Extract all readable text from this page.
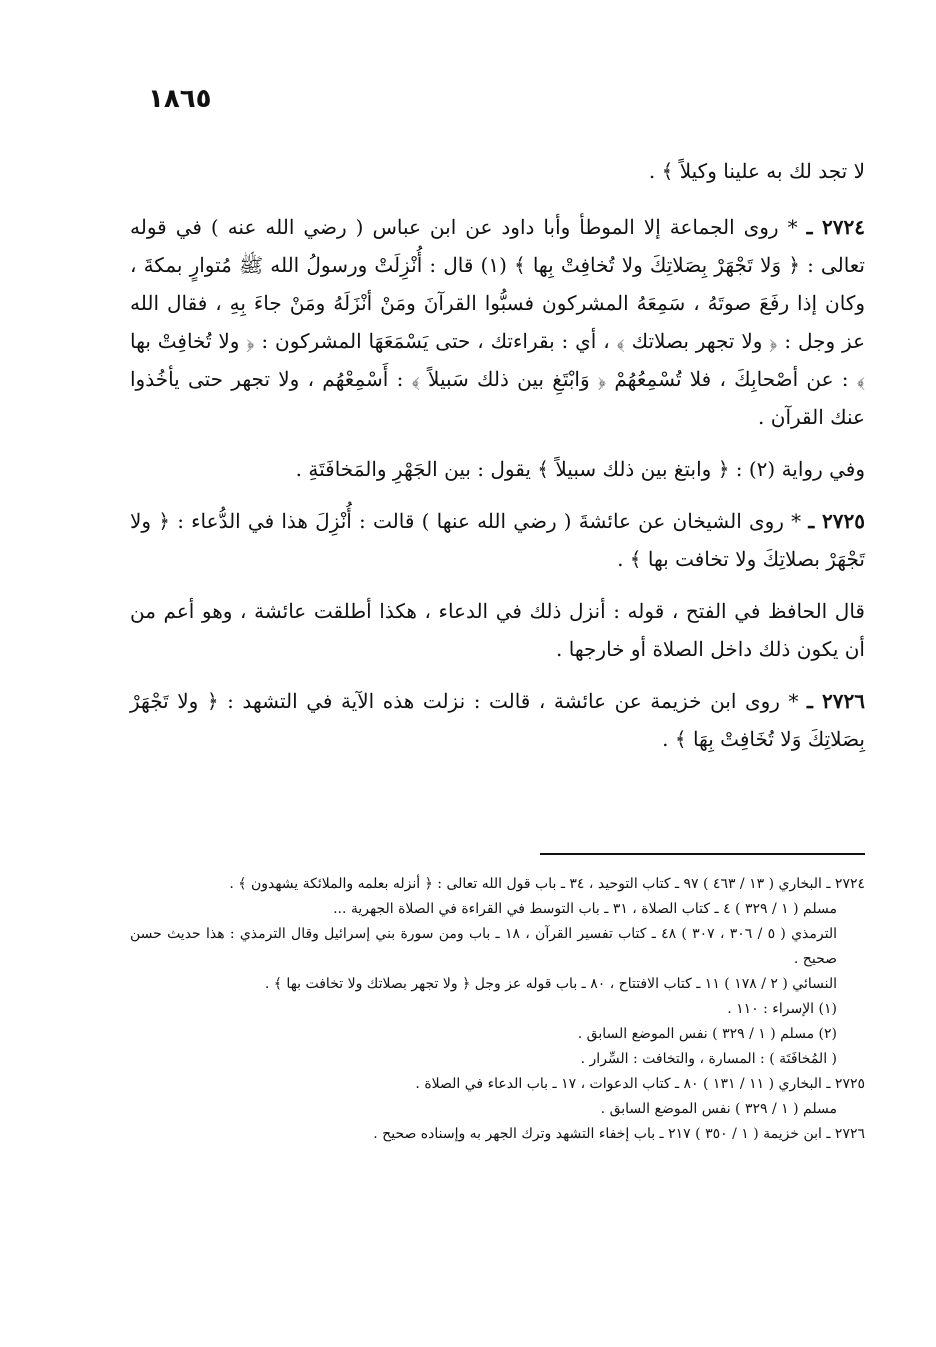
١٨٦٥

لا تجد لك به علينا وكيلاً ﴾ .

٢٧٢٤ ـ * روى الجماعة إلا الموطأ وأبا داود عن ابن عباس ( رضي الله عنه ) في قوله تعالى : ﴿ وَلا تَجْهَرْ بِصَلاتِكَ ولا تُخافِتْ بِها ﴾ (١) قال : أُنْزِلَتْ ورسولُ الله ﷺ مُتوارٍ بمكةَ ، وكان إذا رفَعَ صوتَهُ ، سَمِعَهُ المشركون فسبُّوا القرآنَ ومَنْ أنْزَلَهُ ومَنْ جاءَ بِهِ ، فقال الله عز وجل : ﴿ ولا تجهر بصلاتك ﴾ ، أي : بقراءتك ، حتى يَسْمَعَهَا المشركون : ﴿ ولا تُخافِتْ بها ﴾ : عن أصْحابِكَ ، فلا تُسْمِعُهُمْ ﴿ وَابْتَغِ بين ذلك سَبيلاً ﴾ : أَسْمِعْهُم ، ولا تجهر حتى يأخُذوا عنك القرآن .

وفي رواية (٢) : ﴿ وابتغ بين ذلك سبيلاً ﴾ يقول : بين الجَهْرِ والمَخافَتَةِ .

٢٧٢٥ ـ * روى الشيخان عن عائشةَ ( رضي الله عنها ) قالت : أُنْزِلَ هذا في الدُّعاء : ﴿ ولا تَجْهَرْ بصلاتِكَ ولا تخافت بها ﴾ .

قال الحافظ في الفتح ، قوله : أنزل ذلك في الدعاء ، هكذا أطلقت عائشة ، وهو أعم من أن يكون ذلك داخل الصلاة أو خارجها .

٢٧٢٦ ـ * روى ابن خزيمة عن عائشة ، قالت : نزلت هذه الآية في التشهد : ﴿ ولا تَجْهَرْ بِصَلاتِكَ وَلا تُخَافِتْ بِهَا ﴾ .

٢٧٢٤ ـ البخاري ( ١٣ / ٤٦٣ ) ٩٧ ـ كتاب التوحيد ، ٣٤ ـ باب قول الله تعالى : ﴿ أنزله بعلمه والملائكة يشهدون ﴾ .

مسلم ( ١ / ٣٢٩ ) ٤ ـ كتاب الصلاة ، ٣١ ـ باب التوسط في القراءة في الصلاة الجهرية ...

الترمذي ( ٥ / ٣٠٦ ، ٣٠٧ ) ٤٨ ـ كتاب تفسير القرآن ، ١٨ ـ باب ومن سورة بني إسرائيل وقال الترمذي : هذا حديث حسن صحيح .

النسائي ( ٢ / ١٧٨ ) ١١ ـ كتاب الافتتاح ، ٨٠ ـ باب قوله عز وجل ﴿ ولا تجهر بصلاتك ولا تخافت بها ﴾ .

(١) الإسراء : ١١٠ .

(٢) مسلم ( ١ / ٣٢٩ ) نفس الموضع السابق .

( المُخافَتَة ) : المسارة ، والتخافت : السِّرار .

٢٧٢٥ ـ البخاري ( ١١ / ١٣١ ) ٨٠ ـ كتاب الدعوات ، ١٧ ـ باب الدعاء في الصلاة .

مسلم ( ١ / ٣٢٩ ) نفس الموضع السابق .

٢٧٢٦ ـ ابن خزيمة ( ١ / ٣٥٠ ) ٢١٧ ـ باب إخفاء التشهد وترك الجهر به وإسناده صحيح .
